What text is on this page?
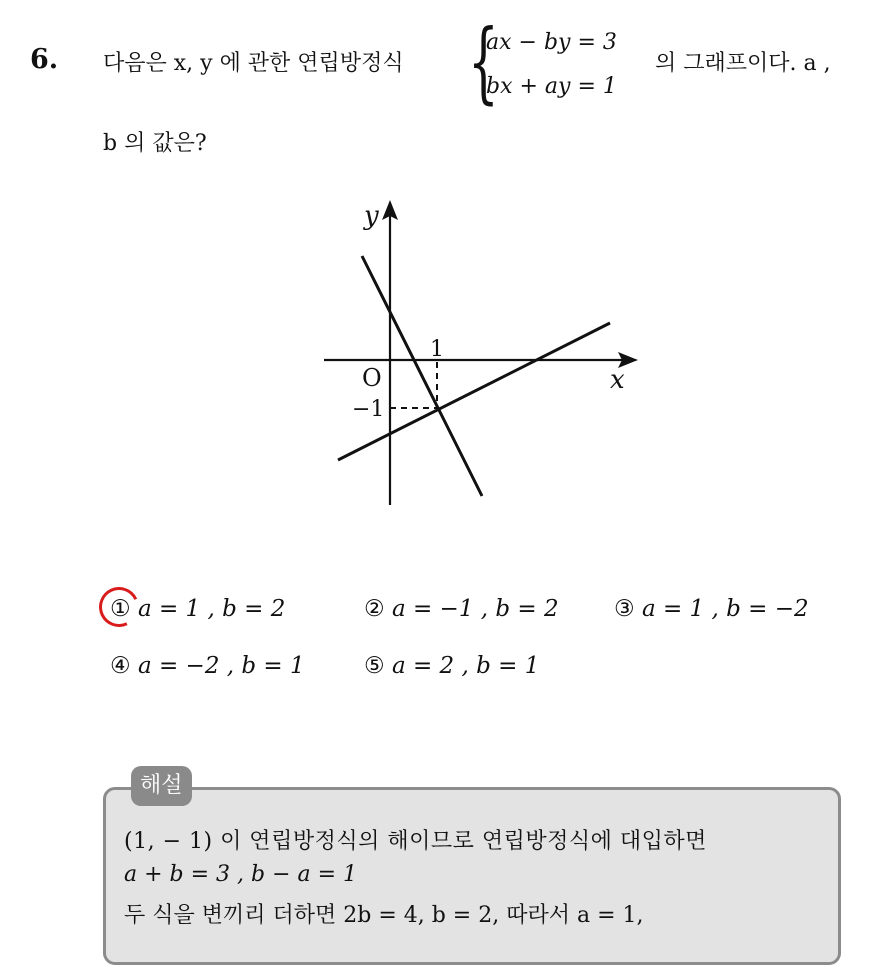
6. 다음은 x, y 에 관한 연립방정식 {
ax − by = 3
bx + ay = 1
의 그래프이다. a ,
b 의 값은?
y
x
O
1
−1
① a = 1 , b = 2	② a = −1 , b = 2 ③ a = 1 , b = −2
④ a = −2 , b = 1	⑤ a = 2 , b = 1
해설
(1, − 1) 이 연립방정식의 해이므로 연립방정식에 대입하면
a + b = 3 , b − a = 1
두 식을 변끼리 더하면 2b = 4, b = 2, 따라서 a = 1,
